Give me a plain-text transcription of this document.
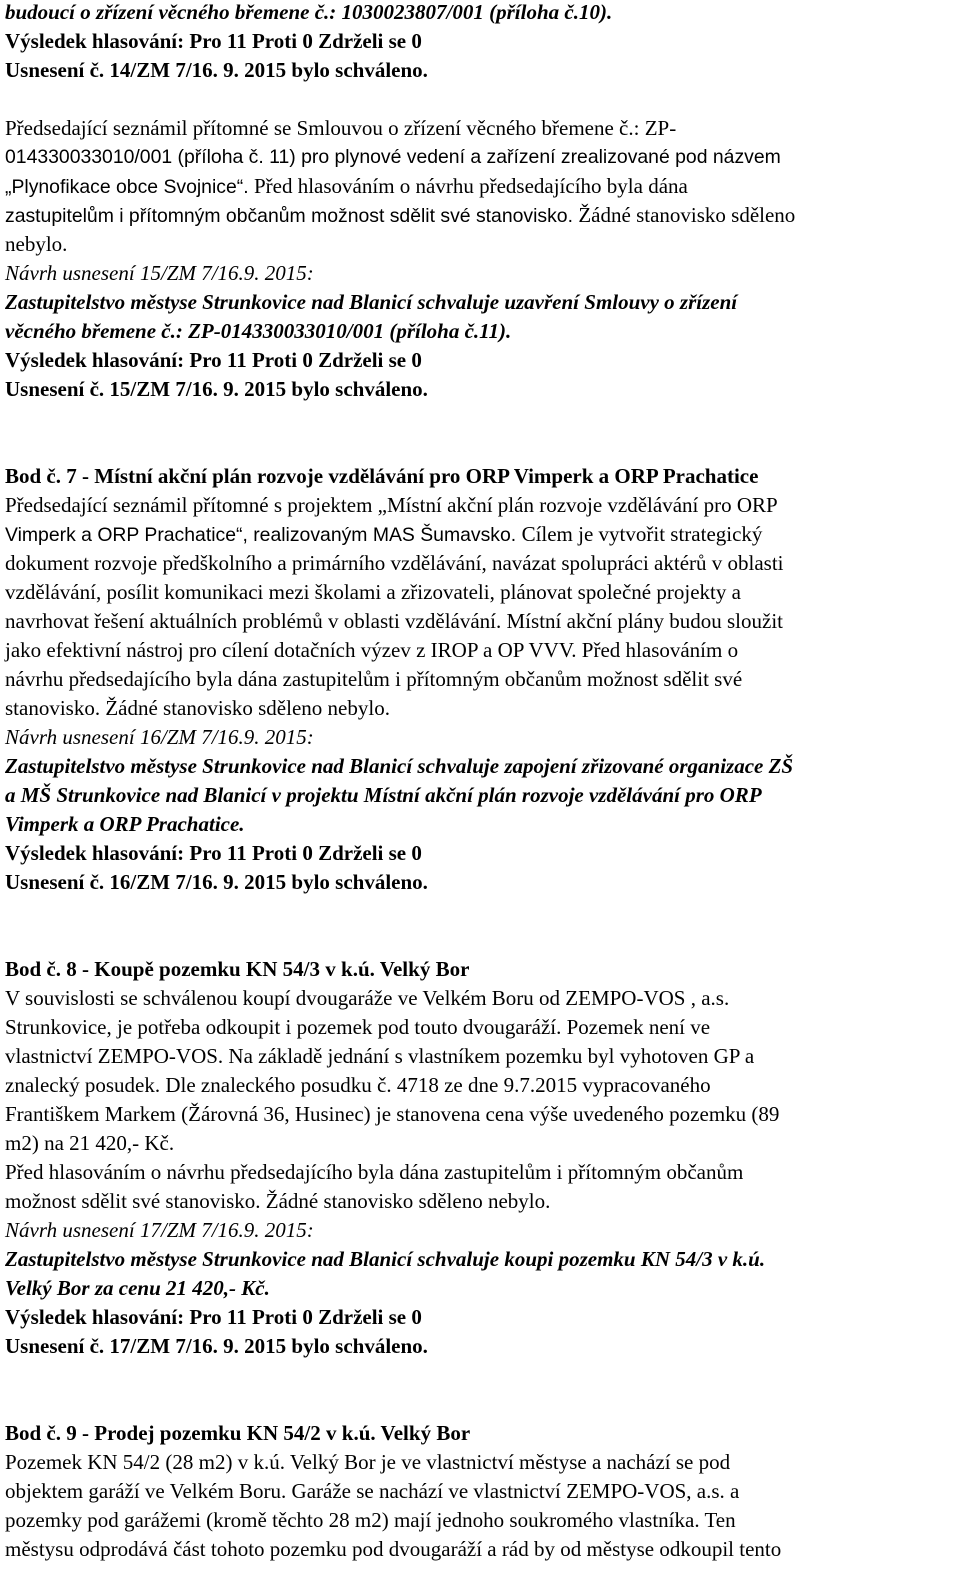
budoucí o zřízení věcného břemene č.: 1030023807/001 (příloha č.10).
Výsledek hlasování: Pro 11 Proti 0 Zdrželi se 0
Usnesení č. 14/ZM 7/16. 9. 2015 bylo schváleno.
Předsedající seznámil přítomné se Smlouvou o zřízení věcného břemene č.: ZP-
014330033010/001 (příloha č. 11) pro plynové vedení a zařízení zrealizované pod názvem
„Plynofikace obce Svojnice“. Před hlasováním o návrhu předsedajícího byla dána
zastupitelům i přítomným občanům možnost sdělit své stanovisko. Žádné stanovisko sděleno
nebylo.
Návrh usnesení 15/ZM 7/16.9. 2015:
Zastupitelstvo městyse Strunkovice nad Blanicí schvaluje uzavření Smlouvy o zřízení
věcného břemene č.: ZP-014330033010/001 (příloha č.11).
Výsledek hlasování: Pro 11 Proti 0 Zdrželi se 0
Usnesení č. 15/ZM 7/16. 9. 2015 bylo schváleno.
Bod č. 7 - Místní akční plán rozvoje vzdělávání pro ORP Vimperk a ORP Prachatice
Předsedající seznámil přítomné s projektem „Místní akční plán rozvoje vzdělávání pro ORP
Vimperk a ORP Prachatice“, realizovaným MAS Šumavsko. Cílem je vytvořit strategický
dokument rozvoje předškolního a primárního vzdělávání, navázat spolupráci aktérů v oblasti
vzdělávání, posílit komunikaci mezi školami a zřizovateli, plánovat společné projekty a
navrhovat řešení aktuálních problémů v oblasti vzdělávání. Místní akční plány budou sloužit
jako efektivní nástroj pro cílení dotačních výzev z IROP a OP VVV. Před hlasováním o
návrhu předsedajícího byla dána zastupitelům i přítomným občanům možnost sdělit své
stanovisko. Žádné stanovisko sděleno nebylo.
Návrh usnesení 16/ZM 7/16.9. 2015:
Zastupitelstvo městyse Strunkovice nad Blanicí schvaluje zapojení zřizované organizace ZŠ
a MŠ Strunkovice nad Blanicí v projektu Místní akční plán rozvoje vzdělávání pro ORP
Vimperk a ORP Prachatice.
Výsledek hlasování: Pro 11 Proti 0 Zdrželi se 0
Usnesení č. 16/ZM 7/16. 9. 2015 bylo schváleno.
Bod č. 8 - Koupě pozemku KN 54/3 v k.ú. Velký Bor
V souvislosti se schválenou koupí dvougaráže ve Velkém Boru od ZEMPO-VOS , a.s.
Strunkovice, je potřeba odkoupit i pozemek pod touto dvougaráží. Pozemek není ve
vlastnictví ZEMPO-VOS. Na základě jednání s vlastníkem pozemku byl vyhotoven GP a
znalecký posudek. Dle znaleckého posudku č. 4718 ze dne 9.7.2015 vypracovaného
Františkem Markem (Žárovná 36, Husinec) je stanovena cena výše uvedeného pozemku (89
m2) na 21 420,- Kč.
Před hlasováním o návrhu předsedajícího byla dána zastupitelům i přítomným občanům
možnost sdělit své stanovisko. Žádné stanovisko sděleno nebylo.
Návrh usnesení 17/ZM 7/16.9. 2015:
Zastupitelstvo městyse Strunkovice nad Blanicí schvaluje koupi pozemku KN 54/3 v k.ú.
Velký Bor za cenu 21 420,- Kč.
Výsledek hlasování: Pro 11 Proti 0 Zdrželi se 0
Usnesení č. 17/ZM 7/16. 9. 2015 bylo schváleno.
Bod č. 9 - Prodej pozemku KN 54/2 v k.ú. Velký Bor
Pozemek KN 54/2 (28 m2) v k.ú. Velký Bor je ve vlastnictví městyse a nachází se pod
objektem garáží ve Velkém Boru. Garáže se nachází ve vlastnictví ZEMPO-VOS, a.s. a
pozemky pod garážemi (kromě těchto 28 m2) mají jednoho soukromého vlastníka. Ten
městysu odprodává část tohoto pozemku pod dvougaráží a rád by od městyse odkoupil tento
